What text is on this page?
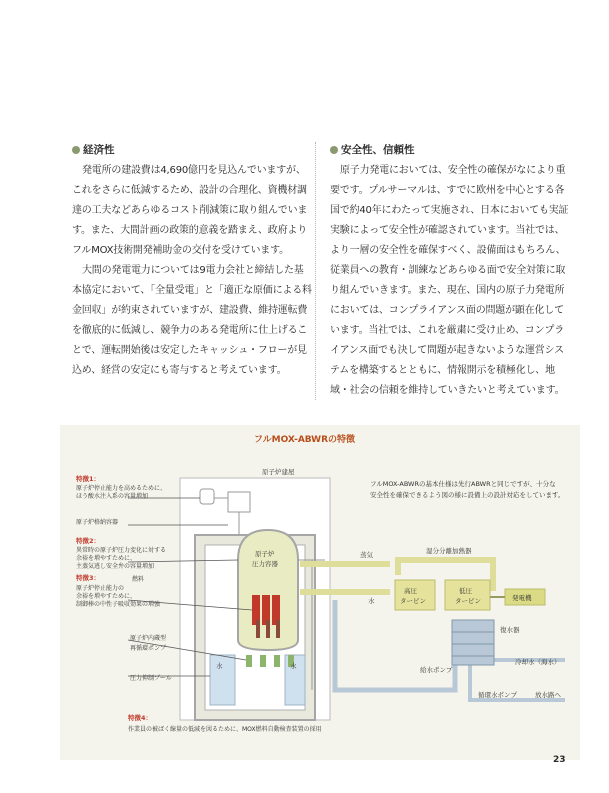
経済性

発電所の建設費は4,690億円を見込んでいますが、これをさらに低減するため、設計の合理化、資機材調達の工夫などあらゆるコスト削減策に取り組んでいます。また、大間計画の政策的意義を踏まえ、政府よりフルMOX技術開発補助金の交付を受けています。

大間の発電電力については9電力会社と締結した基本協定において、「全量受電」と「適正な原価による料金回収」が約束されていますが、建設費、維持運転費を徹底的に低減し、競争力のある発電所に仕上げることで、運転開始後は安定したキャッシュ・フローが見込め、経営の安定にも寄与すると考えています。

安全性、信頼性

原子力発電においては、安全性の確保がなにより重要です。プルサーマルは、すでに欧州を中心とする各国で約40年にわたって実施され、日本においても実証実験によって安全性が確認されています。当社では、より一層の安全性を確保すべく、設備面はもちろん、従業員への教育・訓練などあらゆる面で安全対策に取り組んでいきます。また、現在、国内の原子力発電所においては、コンプライアンス面の問題が顕在化しています。当社では、これを厳粛に受け止め、コンプライアンス面でも決して問題が起きないような運営システムを構築するとともに、情報開示を積極化し、地域・社会の信頼を維持していきたいと考えています。

フルMOX-ABWRの特徴
原子炉建屋
フルMOX-ABWRの基本仕様は先行ABWRと同じですが、十分な
安全性を確保できるよう図の様に設備上の設計対応をしています。
特徴1：
原子炉停止能力を高めるために、
ほう酸水注入系の容量増加
原子炉格納容器
特徴2：
異常時の原子炉圧力変化に対する
余裕を増やすために、
主蒸気逃し安全弁の容量増加
特徴3：	燃料
原子炉停止能力の
余裕を増やすために、
制御棒の中性子吸収効果の増強
原子炉内蔵型
再循環ポンプ
圧力抑制プール
原子炉
圧力容器
水	水
蒸気
水
湿分分離加熱器
高圧
タービン
低圧
タービン	発電機
復水器
給水ポンプ
冷却水（海水）
循環水ポンプ	放水路へ
特徴4：
作業員の被ばく線量の低減を図るために、MOX燃料自動検査装置の採用
23
